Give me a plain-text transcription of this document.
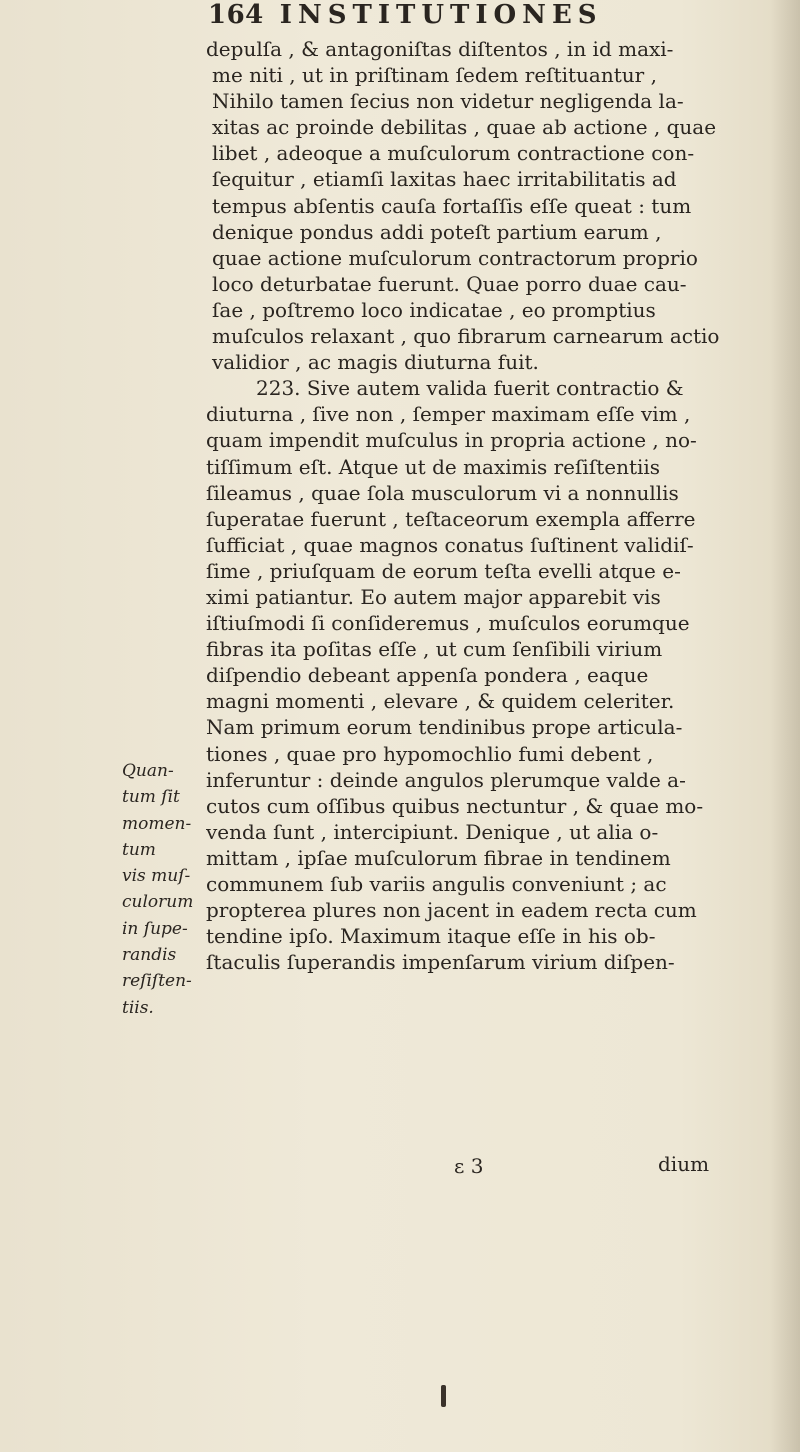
164 INSTITUTIONES
depulſa , & antagoniſtas diſtentos , in id maxi-
me niti , ut in priſtinam ſedem reſtituantur ,
Nihilo tamen ſecius non videtur negligenda la-
xitas ac proinde debilitas , quae ab actione , quae
libet , adeoque a muſculorum contractione con-
ſequitur , etiamſi laxitas haec irritabilitatis ad
tempus abſentis cauſa fortaſſis eſſe queat : tum
denique pondus addi poteſt partium earum ,
quae actione muſculorum contractorum proprio
loco deturbatae fuerunt. Quae porro duae cau-
ſae , poſtremo loco indicatae , eo promptius
muſculos relaxant , quo fibrarum carnearum actio
validior , ac magis diuturna fuit.
223. Sive autem valida fuerit contractio &
diuturna , ſive non , ſemper maximam eſſe vim ,
quam impendit muſculus in propria actione , no-
tiſſimum eſt. Atque ut de maximis reſiſtentiis
ſileamus , quae ſola musculorum vi a nonnullis
ſuperatae fuerunt , teſtaceorum exempla afferre
ſufficiat , quae magnos conatus ſuſtinent validiſ-
ſime , priuſquam de eorum teſta evelli atque e-
ximi patiantur. Eo autem major apparebit vis
iſtiuſmodi ſi conſideremus , muſculos eorumque
fibras ita poſitas eſſe , ut cum ſenſibili virium
diſpendio debeant appenſa pondera , eaque
magni momenti , elevare , & quidem celeriter.
Nam primum eorum tendinibus prope articula-
tiones , quae pro hypomochlio fumi debent ,
inferuntur : deinde angulos plerumque valde a-
cutos cum oſſibus quibus nectuntur , & quae mo-
venda ſunt , intercipiunt. Denique , ut alia o-
mittam , ipſae muſculorum fibrae in tendinem
communem ſub variis angulis conveniunt ; ac
propterea plures non jacent in eadem recta cum
tendine ipſo. Maximum itaque eſſe in his ob-
ſtaculis ſuperandis impenſarum virium diſpen-
Quan-
tum ſit
momen-
tum
vis muſ-
culorum
in ſupe-
randis
reſiſten-
tiis.
ɛ 3	dium
